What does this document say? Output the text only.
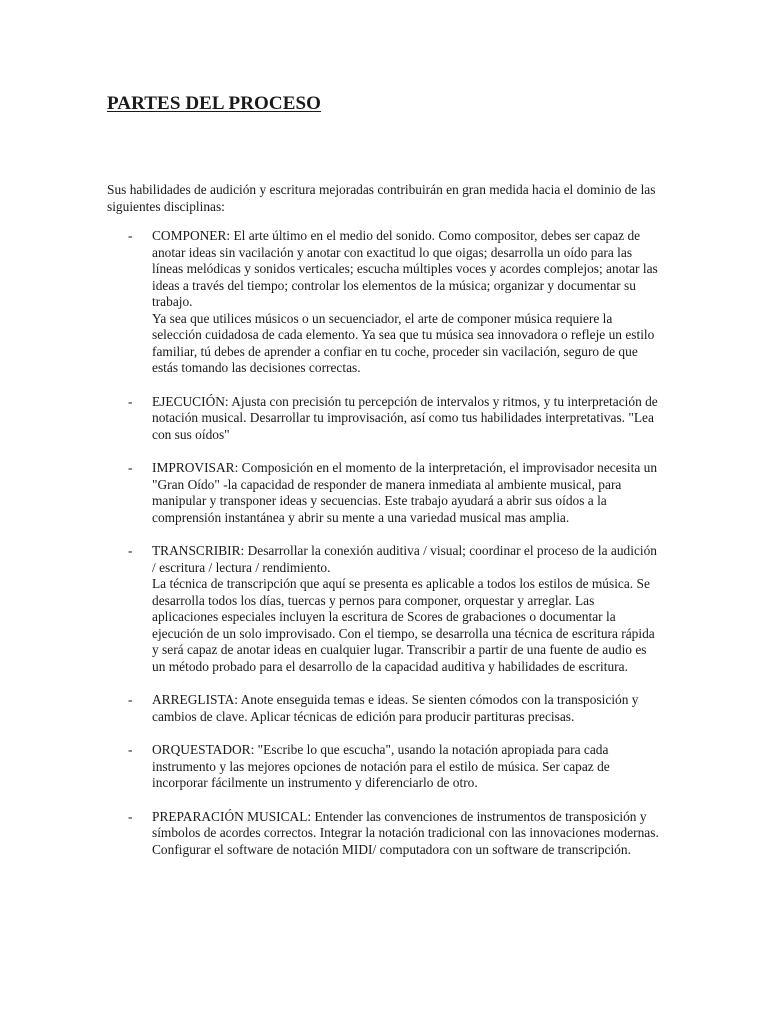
PARTES DEL PROCESO

Sus habilidades de audición y escritura mejoradas contribuirán en gran medida hacia el dominio de las siguientes disciplinas:

- COMPONER: El arte último en el medio del sonido. Como compositor, debes ser capaz de anotar ideas sin vacilación y anotar con exactitud lo que oigas; desarrolla un oído para las líneas melódicas y sonidos verticales; escucha múltiples voces y acordes complejos; anotar las ideas a través del tiempo; controlar los elementos de la música; organizar y documentar su trabajo.
Ya sea que utilices músicos o un secuenciador, el arte de componer música requiere la selección cuidadosa de cada elemento. Ya sea que tu música sea innovadora o refleje un estilo familiar, tú debes de aprender a confiar en tu coche, proceder sin vacilación, seguro de que estás tomando las decisiones correctas.
- EJECUCIÓN: Ajusta con precisión tu percepción de intervalos y ritmos, y tu interpretación de notación musical. Desarrollar tu improvisación, así como tus habilidades interpretativas. "Lea con sus oídos"
- IMPROVISAR: Composición en el momento de la interpretación, el improvisador necesita un "Gran Oído" -la capacidad de responder de manera inmediata al ambiente musical, para manipular y transponer ideas y secuencias. Este trabajo ayudará a abrir sus oídos a la comprensión instantánea y abrir su mente a una variedad musical mas amplia.
- TRANSCRIBIR: Desarrollar la conexión auditiva / visual; coordinar el proceso de la audición / escritura / lectura / rendimiento.
La técnica de transcripción que aquí se presenta es aplicable a todos los estilos de música. Se desarrolla todos los días, tuercas y pernos para componer, orquestar y arreglar. Las aplicaciones especiales incluyen la escritura de Scores de grabaciones o documentar la ejecución de un solo improvisado. Con el tiempo, se desarrolla una técnica de escritura rápida y será capaz de anotar ideas en cualquier lugar. Transcribir a partir de una fuente de audio es un método probado para el desarrollo de la capacidad auditiva y habilidades de escritura.
- ARREGLISTA: Anote enseguida temas e ideas. Se sienten cómodos con la transposición y cambios de clave. Aplicar técnicas de edición para producir partituras precisas.
- ORQUESTADOR: "Escribe lo que escucha", usando la notación apropiada para cada instrumento y las mejores opciones de notación para el estilo de música. Ser capaz de incorporar fácilmente un instrumento y diferenciarlo de otro.
- PREPARACIÓN MUSICAL: Entender las convenciones de instrumentos de transposición y símbolos de acordes correctos. Integrar la notación tradicional con las innovaciones modernas. Configurar el software de notación MIDI/ computadora con un software de transcripción.
